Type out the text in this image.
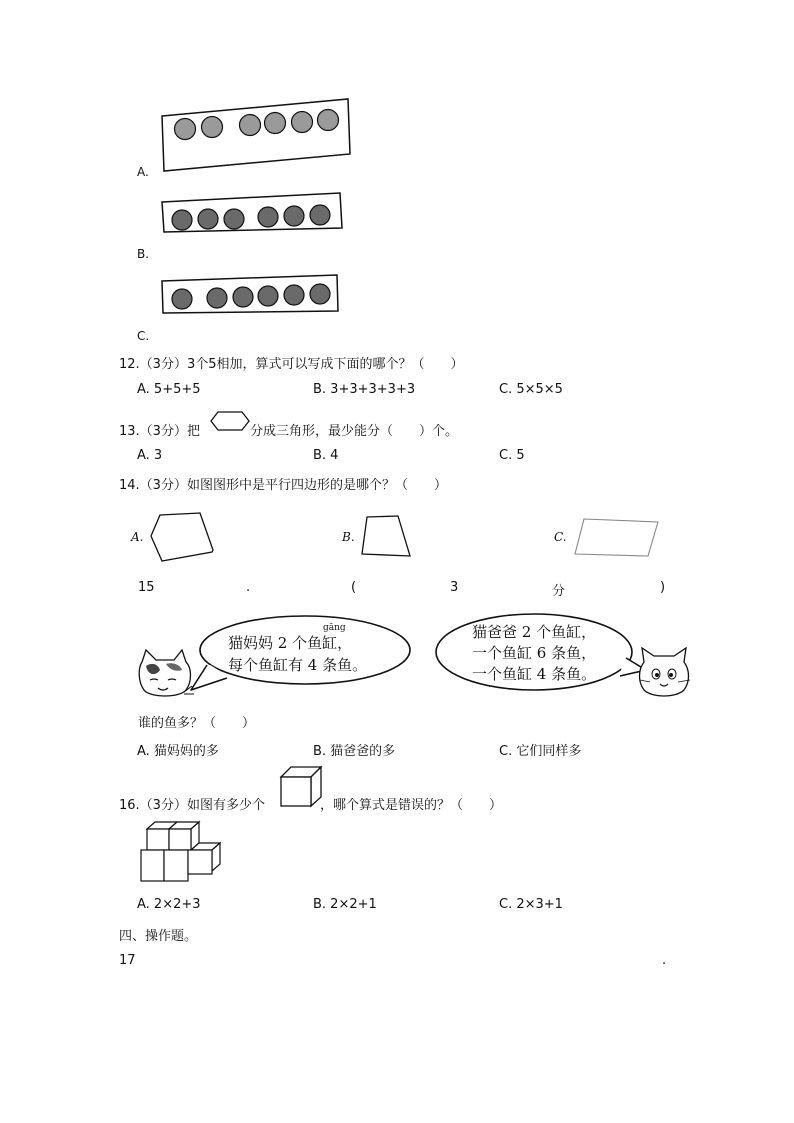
A.
B.
C.
12.（3分）3个5相加，算式可以写成下面的哪个？（　　）
A. 5+5+5	B. 3+3+3+3+3	C. 5×5×5
13.（3分）把	分成三角形，最少能分（　　）个。
A. 3	B. 4	C. 5
14.（3分）如图图形中是平行四边形的是哪个？（　　）
A.	B.	C.
15	.	(	3	分	)
gāng
猫妈妈 2 个鱼缸，
每个鱼缸有 4 条鱼。
猫爸爸 2 个鱼缸，
一个鱼缸 6 条鱼，
一个鱼缸 4 条鱼。
谁的鱼多？（　　）
A. 猫妈妈的多	B. 猫爸爸的多	C. 它们同样多
16.（3分）如图有多少个	，哪个算式是错误的？（　　）
A. 2×2+3	B. 2×2+1	C. 2×3+1
四、操作题。
17	.
